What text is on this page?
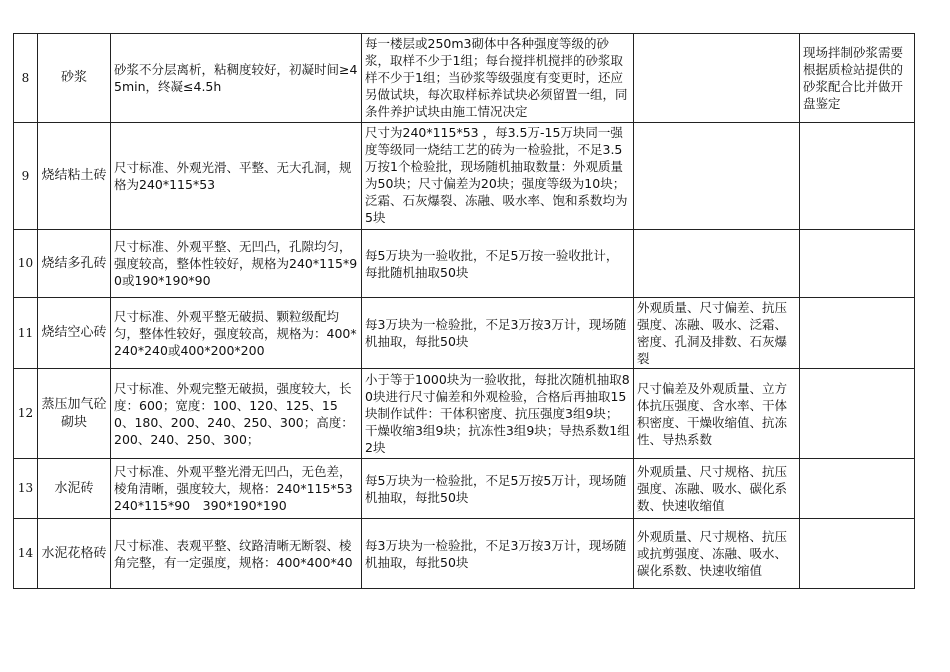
8	砂浆	砂浆不分层离析，粘稠度较好，初凝时间≥45min，终凝≤4.5h	每一楼层或250m3砌体中各种强度等级的砂浆，取样不少于1组；每台搅拌机搅拌的砂浆取样不少于1组；当砂浆等级强度有变更时，还应另做试块，每次取样标养试块必须留置一组，同条件养护试块由施工情况决定		现场拌制砂浆需要根据质检站提供的砂浆配合比并做开盘鉴定
9	烧结粘土砖	尺寸标准、外观光滑、平整、无大孔洞，规格为240*115*53	尺寸为240*115*53 ，每3.5万-15万块同一强度等级同一烧结工艺的砖为一检验批，不足3.5万按1个检验批，现场随机抽取数量：外观质量为50块；尺寸偏差为20块；强度等级为10块；泛霜、石灰爆裂、冻融、吸水率、饱和系数均为5块		

10	烧结多孔砖	尺寸标准、外观平整、无凹凸，孔隙均匀，强度较高，整体性较好，规格为240*115*90或190*190*90	每5万块为一验收批，不足5万按一验收批计，每批随机抽取50块		
11	烧结空心砖	尺寸标准、外观平整无破损、颗粒级配均匀，整体性较好，强度较高，规格为：400*240*240或400*200*200	每3万块为一检验批，不足3万按3万计，现场随机抽取，每批50块	外观质量、尺寸偏差、抗压强度、冻融、吸水、泛霜、密度、孔洞及排数、石灰爆裂	
12	蒸压加气砼砌块	尺寸标准、外观完整无破损，强度较大，长度：600；宽度：100、120、125、150、180、200、240、250、300；高度：200、240、250、300；	小于等于1000块为一验收批，每批次随机抽取80块进行尺寸偏差和外观检验，合格后再抽取15块制作试件：干体积密度、抗压强度3组9块；干燥收缩3组9块；抗冻性3组9块；导热系数1组2块	尺寸偏差及外观质量、立方体抗压强度、含水率、干体积密度、干燥收缩值、抗冻性、导热系数	
13	水泥砖	尺寸标准、外观平整光滑无凹凸，无色差，棱角清晰，强度较大，规格：240*115*53　240*115*90　390*190*190	每5万块为一检验批，不足5万按5万计，现场随机抽取，每批50块	外观质量、尺寸规格、抗压强度、冻融、吸水、碳化系数、快速收缩值	
14	水泥花格砖	尺寸标准、表观平整、纹路清晰无断裂、棱角完整，有一定强度，规格：400*400*40	每3万块为一检验批，不足3万按3万计，现场随机抽取，每批50块	外观质量、尺寸规格、抗压或抗剪强度、冻融、吸水、碳化系数、快速收缩值	
